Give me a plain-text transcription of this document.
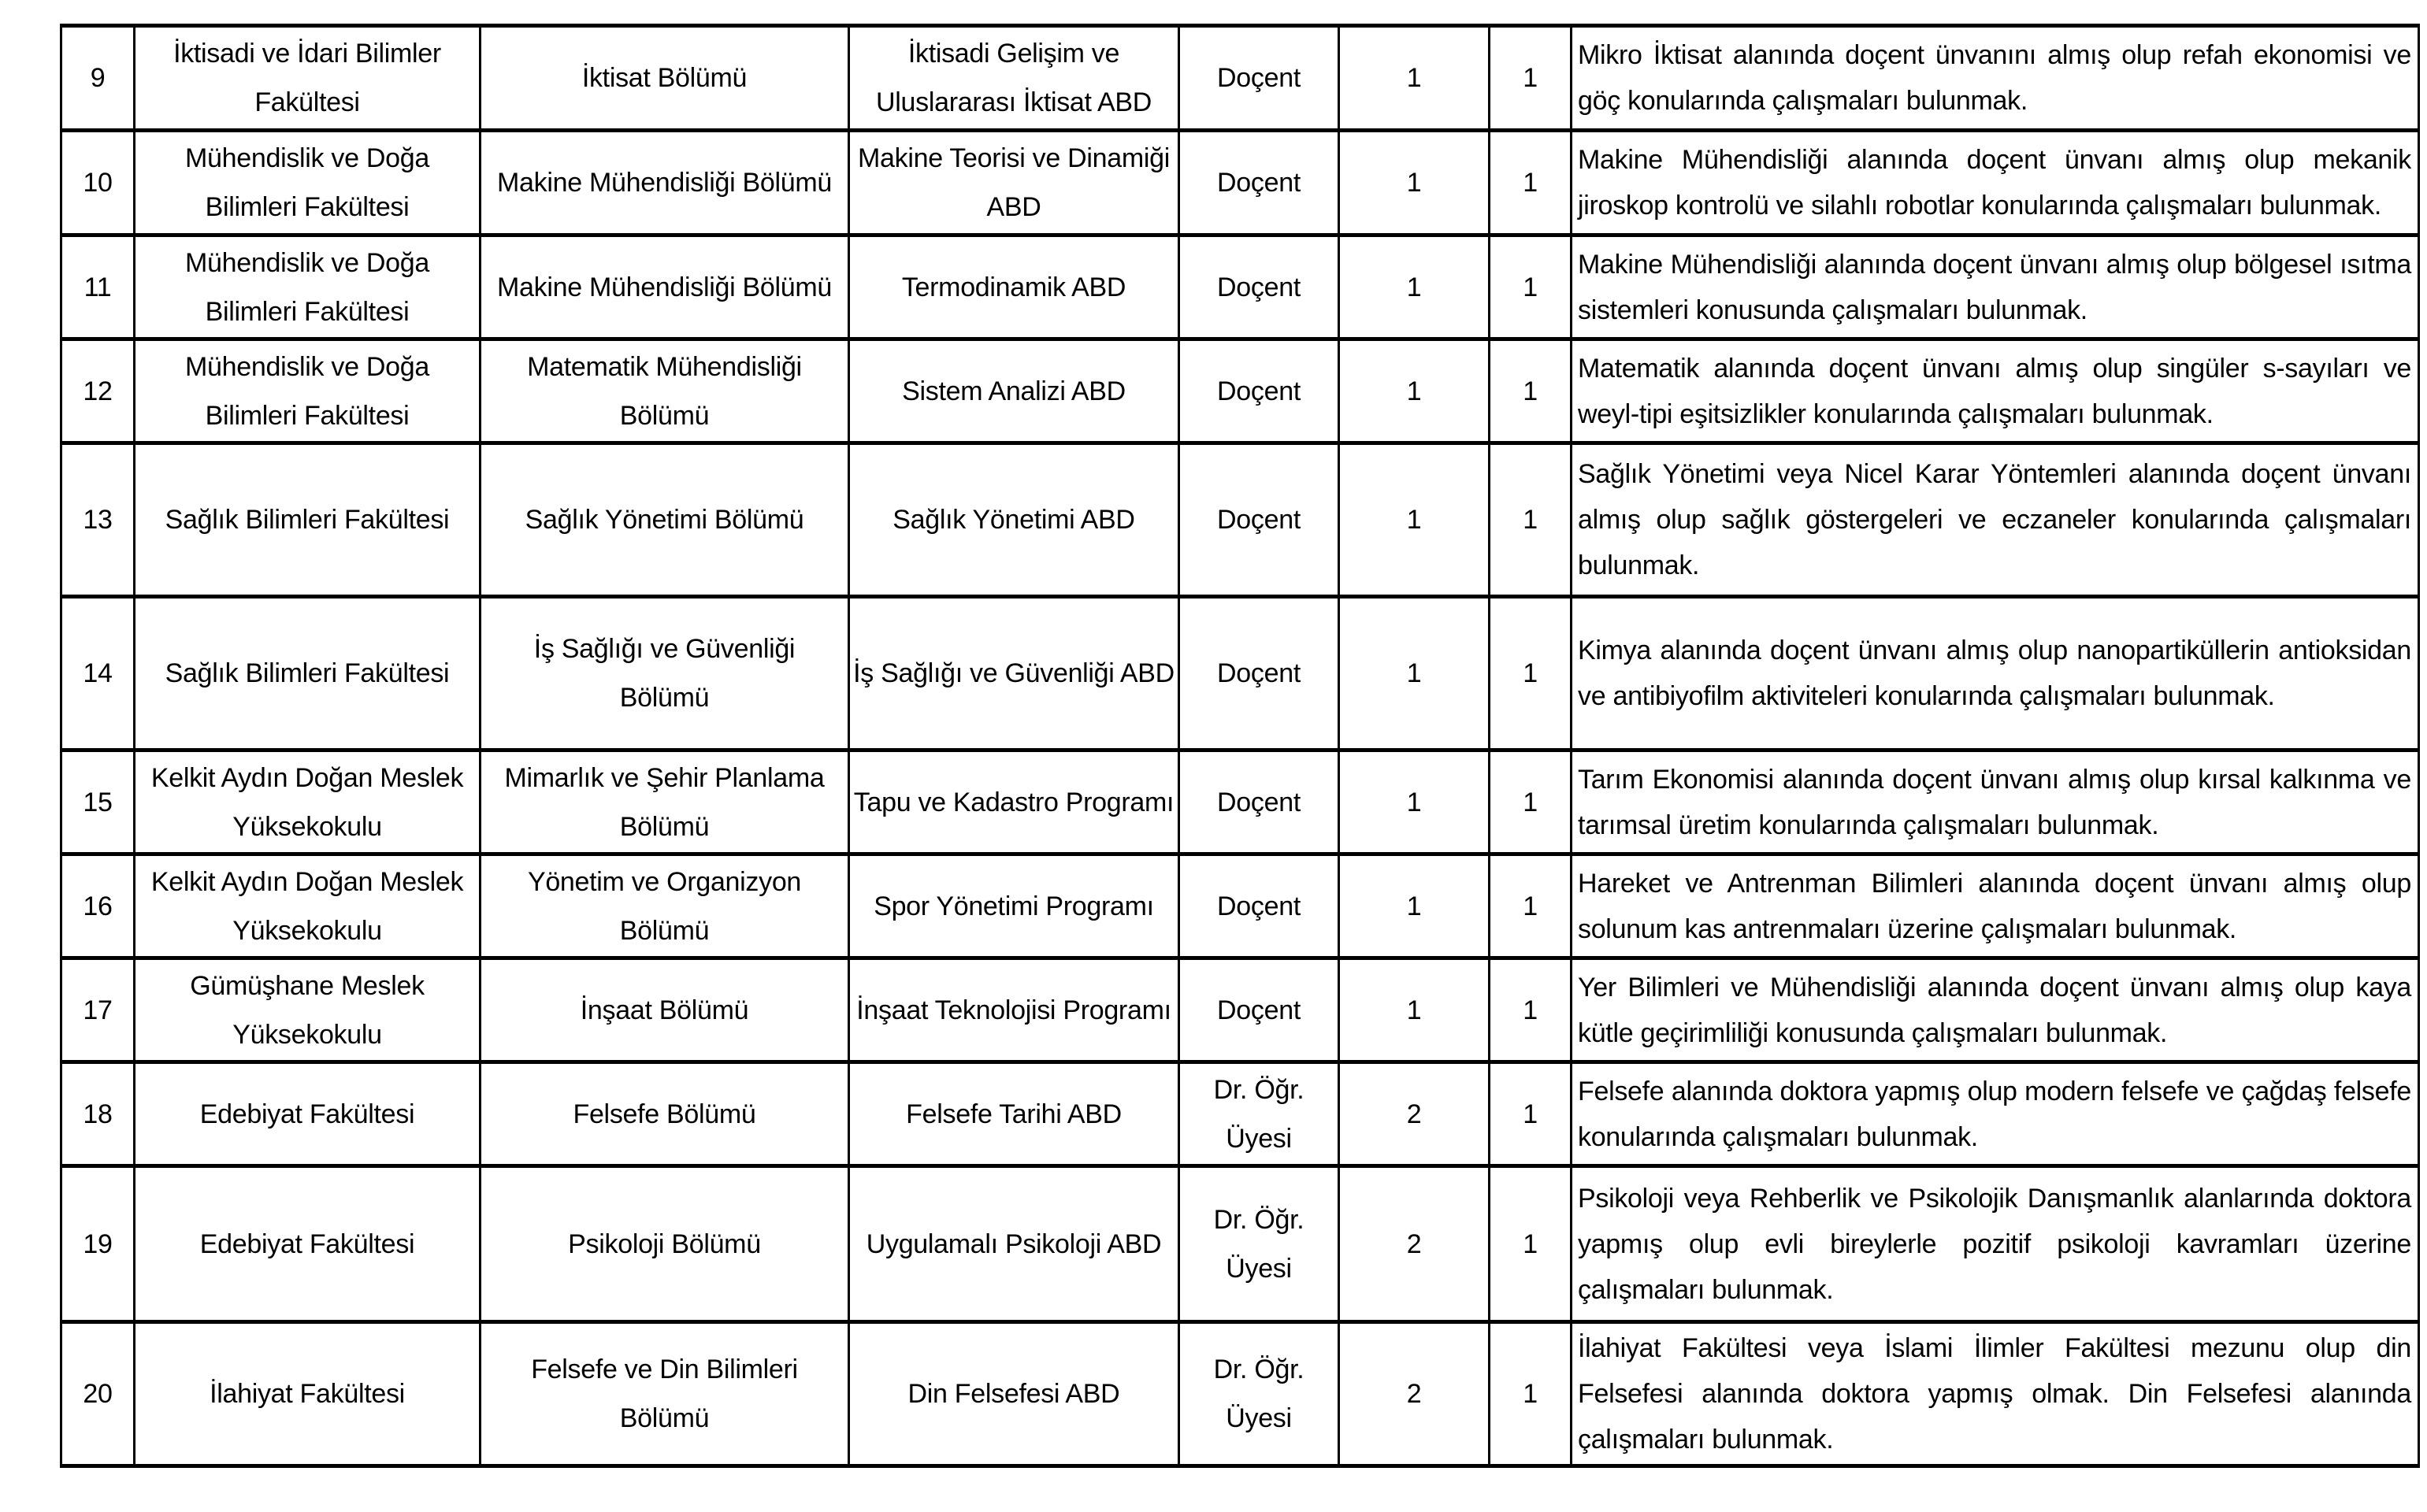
9	İktisadi ve İdari Bilimler Fakültesi	İktisat Bölümü	İktisadi Gelişim ve Uluslararası İktisat ABD	Doçent	1	1	Mikro İktisat alanında doçent ünvanını almış olup refah ekonomisi ve göç konularında çalışmaları bulunmak.
10	Mühendislik ve Doğa Bilimleri Fakültesi	Makine Mühendisliği Bölümü	Makine Teorisi ve Dinamiği ABD	Doçent	1	1	Makine Mühendisliği alanında doçent ünvanı almış olup mekanik jiroskop kontrolü ve silahlı robotlar konularında çalışmaları bulunmak.
11	Mühendislik ve Doğa Bilimleri Fakültesi	Makine Mühendisliği Bölümü	Termodinamik ABD	Doçent	1	1	Makine Mühendisliği alanında doçent ünvanı almış olup bölgesel ısıtma sistemleri konusunda çalışmaları bulunmak.
12	Mühendislik ve Doğa Bilimleri Fakültesi	Matematik Mühendisliği Bölümü	Sistem Analizi ABD	Doçent	1	1	Matematik alanında doçent ünvanı almış olup singüler s-sayıları ve weyl-tipi eşitsizlikler konularında çalışmaları bulunmak.
13	Sağlık Bilimleri Fakültesi	Sağlık Yönetimi Bölümü	Sağlık Yönetimi ABD	Doçent	1	1	Sağlık Yönetimi veya Nicel Karar Yöntemleri alanında doçent ünvanı almış olup sağlık göstergeleri ve eczaneler konularında çalışmaları bulunmak.
14	Sağlık Bilimleri Fakültesi	İş Sağlığı ve Güvenliği Bölümü	İş Sağlığı ve Güvenliği ABD	Doçent	1	1	Kimya alanında doçent ünvanı almış olup nanopartiküllerin antioksidan ve antibiyofilm aktiviteleri konularında çalışmaları bulunmak.
15	Kelkit Aydın Doğan Meslek Yüksekokulu	Mimarlık ve Şehir Planlama Bölümü	Tapu ve Kadastro Programı	Doçent	1	1	Tarım Ekonomisi alanında doçent ünvanı almış olup kırsal kalkınma ve tarımsal üretim konularında çalışmaları bulunmak.
16	Kelkit Aydın Doğan Meslek Yüksekokulu	Yönetim ve Organizyon Bölümü	Spor Yönetimi Programı	Doçent	1	1	Hareket ve Antrenman Bilimleri alanında doçent ünvanı almış olup solunum kas antrenmaları üzerine çalışmaları bulunmak.
17	Gümüşhane Meslek Yüksekokulu	İnşaat Bölümü	İnşaat Teknolojisi Programı	Doçent	1	1	Yer Bilimleri ve Mühendisliği alanında doçent ünvanı almış olup kaya kütle geçirimliliği konusunda çalışmaları bulunmak.
18	Edebiyat Fakültesi	Felsefe Bölümü	Felsefe Tarihi ABD	Dr. Öğr. Üyesi	2	1	Felsefe alanında doktora yapmış olup modern felsefe ve çağdaş felsefe konularında çalışmaları bulunmak.
19	Edebiyat Fakültesi	Psikoloji Bölümü	Uygulamalı Psikoloji ABD	Dr. Öğr. Üyesi	2	1	Psikoloji veya Rehberlik ve Psikolojik Danışmanlık alanlarında doktora yapmış olup evli bireylerle pozitif psikoloji kavramları üzerine çalışmaları bulunmak.
20	İlahiyat Fakültesi	Felsefe ve Din Bilimleri Bölümü	Din Felsefesi ABD	Dr. Öğr. Üyesi	2	1	İlahiyat Fakültesi veya İslami İlimler Fakültesi mezunu olup din Felsefesi alanında doktora yapmış olmak. Din Felsefesi alanında çalışmaları bulunmak.
